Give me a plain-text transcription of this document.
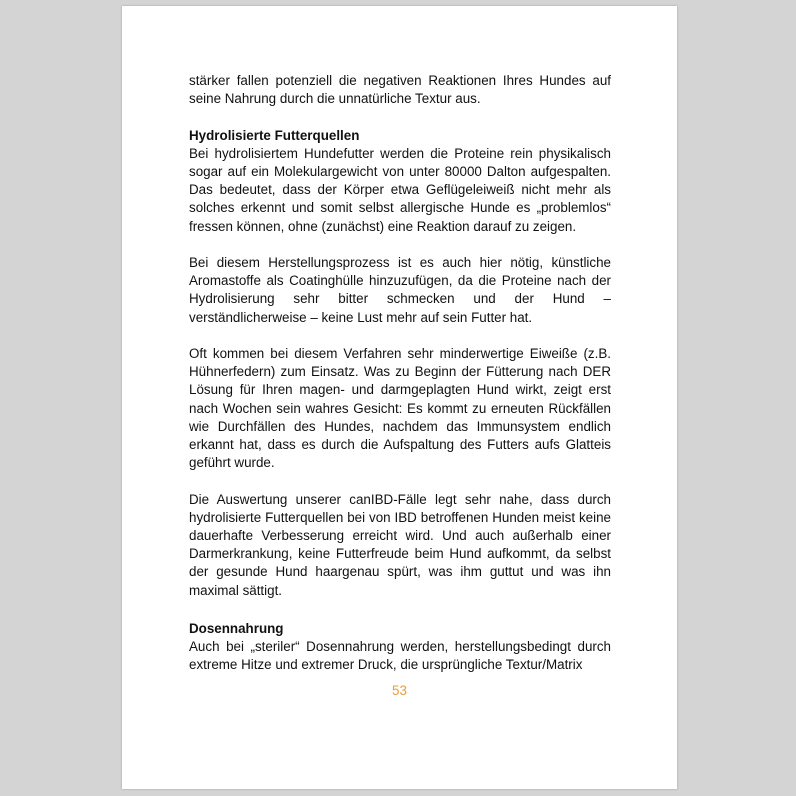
stärker fallen potenziell die negativen Reaktionen Ihres Hundes auf seine Nahrung durch die unnatürliche Textur aus.

Hydrolisierte Futterquellen

Bei hydrolisiertem Hundefutter werden die Proteine rein physikalisch sogar auf ein Molekulargewicht von unter 80000 Dalton aufgespalten. Das bedeutet, dass der Körper etwa Geflügeleiweiß nicht mehr als solches erkennt und somit selbst allergische Hunde es „problemlos“ fressen können, ohne (zunächst) eine Reaktion darauf zu zeigen.

Bei diesem Herstellungsprozess ist es auch hier nötig, künstliche Aromastoffe als Coatinghülle hinzuzufügen, da die Proteine nach der Hydrolisierung sehr bitter schmecken und der Hund – verständlicherweise – keine Lust mehr auf sein Futter hat.

Oft kommen bei diesem Verfahren sehr minderwertige Eiweiße (z.B. Hühnerfedern) zum Einsatz. Was zu Beginn der Fütterung nach DER Lösung für Ihren magen- und darmgeplagten Hund wirkt, zeigt erst nach Wochen sein wahres Gesicht: Es kommt zu erneuten Rückfällen wie Durchfällen des Hundes, nachdem das Immunsystem endlich erkannt hat, dass es durch die Aufspaltung des Futters aufs Glatteis geführt wurde.

Die Auswertung unserer canIBD-Fälle legt sehr nahe, dass durch hydrolisierte Futterquellen bei von IBD betroffenen Hunden meist keine dauerhafte Verbesserung erreicht wird. Und auch außerhalb einer Darmerkrankung, keine Futterfreude beim Hund aufkommt, da selbst der gesunde Hund haargenau spürt, was ihm guttut und was ihn maximal sättigt.

Dosennahrung

Auch bei „steriler“ Dosennahrung werden, herstellungsbedingt durch extreme Hitze und extremer Druck, die ursprüngliche Textur/Matrix

53
